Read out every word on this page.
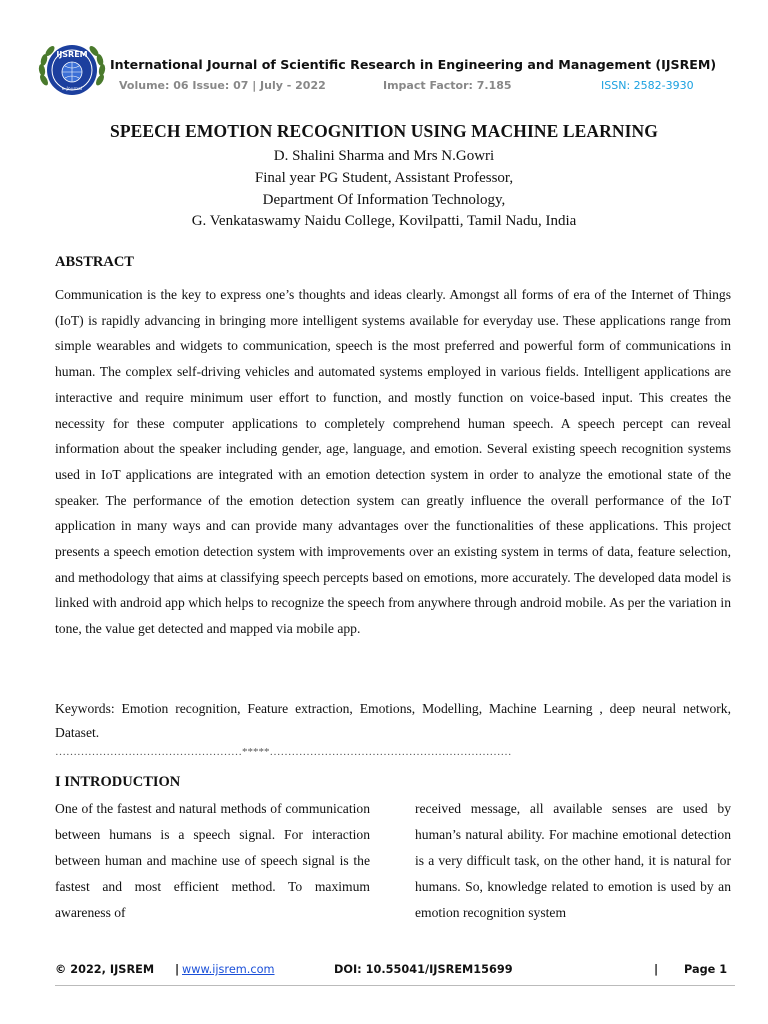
IJSREM
e-Journal
International Journal of Scientific Research in Engineering and Management (IJSREM)
Volume: 06 Issue: 07 | July - 2022	Impact Factor: 7.185	ISSN: 2582-3930
SPEECH EMOTION RECOGNITION USING MACHINE LEARNING
D. Shalini Sharma and Mrs N.Gowri
Final year PG Student, Assistant Professor,
Department Of Information Technology,
G. Venkataswamy Naidu College, Kovilpatti, Tamil Nadu, India
ABSTRACT
Communication is the key to express one’s thoughts and ideas clearly. Amongst all forms of era of the Internet of Things (IoT) is rapidly advancing in bringing more intelligent systems available for everyday use. These applications range from simple wearables and widgets to communication, speech is the most preferred and powerful form of communications in human. The complex self-driving vehicles and automated systems employed in various fields. Intelligent applications are interactive and require minimum user effort to function, and mostly function on voice-based input. This creates the necessity for these computer applications to completely comprehend human speech. A speech percept can reveal information about the speaker including gender, age, language, and emotion. Several existing speech recognition systems used in IoT applications are integrated with an emotion detection system in order to analyze the emotional state of the speaker. The performance of the emotion detection system can greatly influence the overall performance of the IoT application in many ways and can provide many advantages over the functionalities of these applications. This project presents a speech emotion detection system with improvements over an existing system in terms of data, feature selection, and methodology that aims at classifying speech percepts based on emotions, more accurately. The developed data model is linked with android app which helps to recognize the speech from anywhere through android mobile. As per the variation in tone, the value get detected and mapped via mobile app.
Keywords: Emotion recognition, Feature extraction, Emotions, Modelling, Machine Learning , deep neural network, Dataset.
……………………………………………*****…………………………………………………………
I INTRODUCTION
One of the fastest and natural methods of communication between humans is a speech signal. For interaction between human and machine use of speech signal is the fastest and most efficient method. To maximum awareness of
received message, all available senses are used by human’s natural ability. For machine emotional detection is a very difficult task, on the other hand, it is natural for humans. So, knowledge related to emotion is used by an emotion recognition system
© 2022, IJSREM | www.ijsrem.com	DOI: 10.55041/IJSREM15699	| Page 1
